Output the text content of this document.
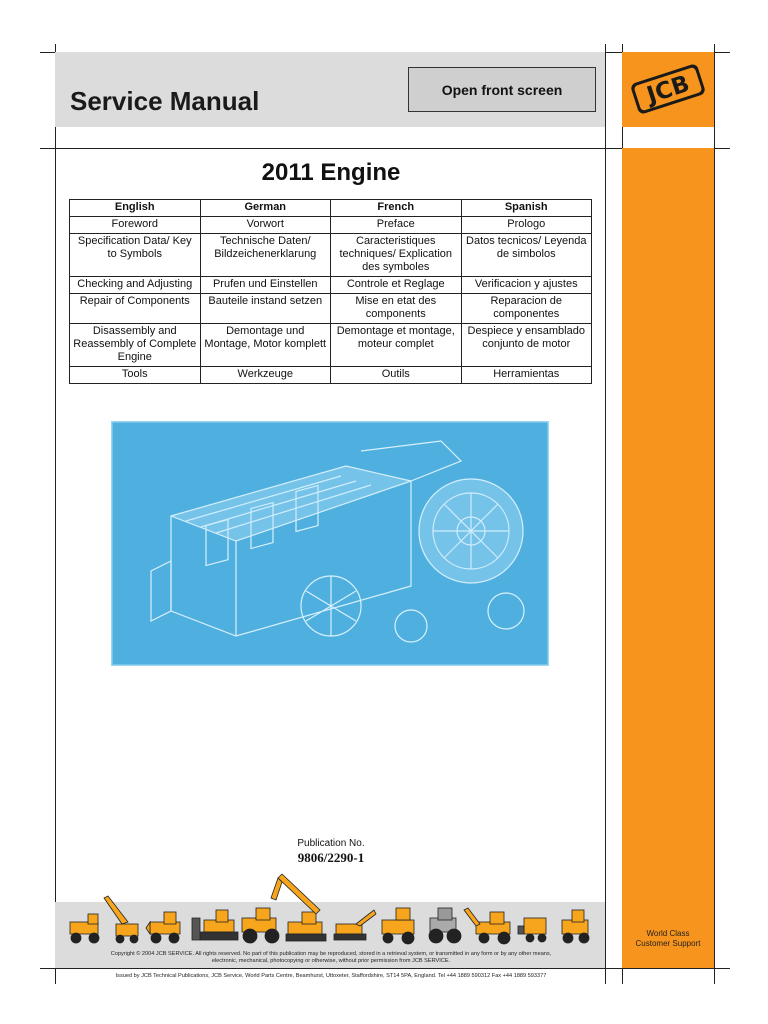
Service Manual	Open front screen	JCB
World Class
Customer Support
2011 Engine
English	German	French	Spanish
Foreword	Vorwort	Preface	Prologo
Specification Data/ Key to Symbols	Technische Daten/ Bildzeichenerklarung	Caracteristiques techniques/ Explication des symboles	Datos tecnicos/ Leyenda de simbolos
Checking and Adjusting	Prufen und Einstellen	Controle et Reglage	Verificacion y ajustes
Repair of Components	Bauteile instand setzen	Mise en etat des components	Reparacion de componentes
Disassembly and Reassembly of Complete Engine	Demontage und Montage, Motor komplett	Demontage et montage, moteur complet	Despiece y ensamblado conjunto de motor
Tools	Werkzeuge	Outils	Herramientas
Publication No.
9806/2290-1
Copyright © 2004 JCB SERVICE. All rights reserved. No part of this publication may be reproduced, stored in a retrieval system, or transmitted in any form or by any other means,
electronic, mechanical, photocopying or otherwise, without prior permission from JCB SERVICE.
Issued by JCB Technical Publications, JCB Service, World Parts Centre, Beamhurst, Uttoxeter, Staffordshire, ST14 5PA, England. Tel +44 1889 590312 Fax +44 1889 593377
